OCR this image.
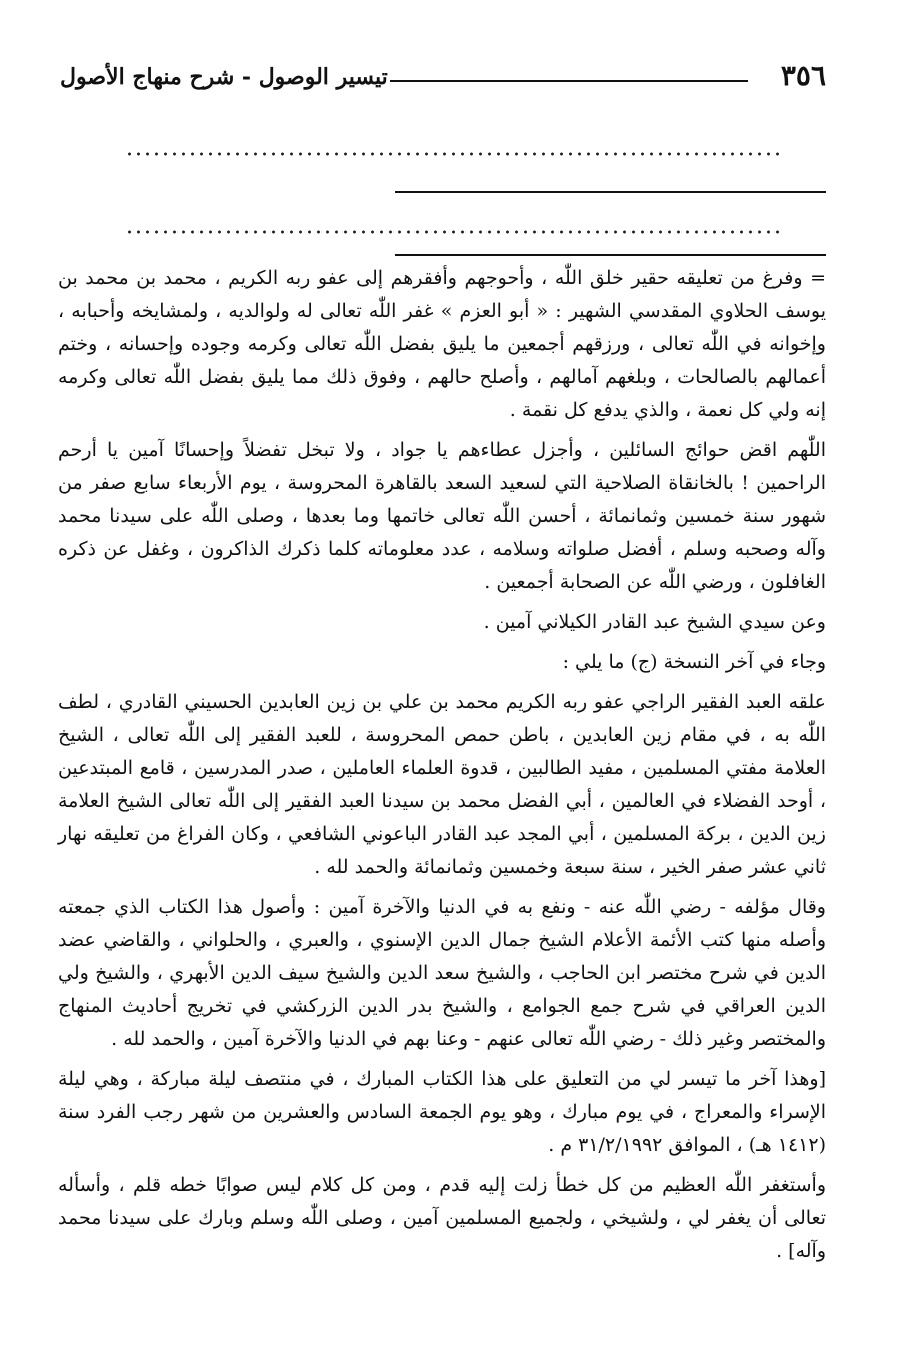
٣٥٦
تيسير الوصول - شرح منهاج الأصول

= وفرغ من تعليقه حقير خلق اللّٰه ، وأحوجهم وأفقرهم إلى عفو ربه الكريم ، محمد بن محمد بن يوسف الحلاوي المقدسي الشهير : « أبو العزم » غفر اللّٰه تعالى له ولوالديه ، ولمشايخه وأحبابه ، وإخوانه في اللّٰه تعالى ، ورزقهم أجمعين ما يليق بفضل اللّٰه تعالى وكرمه وجوده وإحسانه ، وختم أعمالهم بالصالحات ، وبلغهم آمالهم ، وأصلح حالهم ، وفوق ذلك مما يليق بفضل اللّٰه تعالى وكرمه إنه ولي كل نعمة ، والذي يدفع كل نقمة .

اللّٰهم اقض حوائج السائلين ، وأجزل عطاءهم يا جواد ، ولا تبخل تفضلاً وإحسانًا آمين يا أرحم الراحمين ! بالخانقاة الصلاحية التي لسعيد السعد بالقاهرة المحروسة ، يوم الأربعاء سابع صفر من شهور سنة خمسين وثمانمائة ، أحسن اللّٰه تعالى خاتمها وما بعدها ، وصلى اللّٰه على سيدنا محمد وآله وصحبه وسلم ، أفضل صلواته وسلامه ، عدد معلوماته كلما ذكرك الذاكرون ، وغفل عن ذكره الغافلون ، ورضي اللّٰه عن الصحابة أجمعين .

وعن سيدي الشيخ عبد القادر الكيلاني آمين .

وجاء في آخر النسخة (ج) ما يلي :

علقه العبد الفقير الراجي عفو ربه الكريم محمد بن علي بن زين العابدين الحسيني القادري ، لطف اللّٰه به ، في مقام زين العابدين ، باطن حمص المحروسة ، للعبد الفقير إلى اللّٰه تعالى ، الشيخ العلامة مفتي المسلمين ، مفيد الطالبين ، قدوة العلماء العاملين ، صدر المدرسين ، قامع المبتدعين ، أوحد الفضلاء في العالمين ، أبي الفضل محمد بن سيدنا العبد الفقير إلى اللّٰه تعالى الشيخ العلامة زين الدين ، بركة المسلمين ، أبي المجد عبد القادر الباعوني الشافعي ، وكان الفراغ من تعليقه نهار ثاني عشر صفر الخير ، سنة سبعة وخمسين وثمانمائة والحمد لله .

وقال مؤلفه - رضي اللّٰه عنه - ونفع به في الدنيا والآخرة آمين : وأصول هذا الكتاب الذي جمعته وأصله منها كتب الأئمة الأعلام الشيخ جمال الدين الإسنوي ، والعبري ، والحلواني ، والقاضي عضد الدين في شرح مختصر ابن الحاجب ، والشيخ سعد الدين والشيخ سيف الدين الأبهري ، والشيخ ولي الدين العراقي في شرح جمع الجوامع ، والشيخ بدر الدين الزركشي في تخريج أحاديث المنهاج والمختصر وغير ذلك - رضي اللّٰه تعالى عنهم - وعنا بهم في الدنيا والآخرة آمين ، والحمد لله .

[وهذا آخر ما تيسر لي من التعليق على هذا الكتاب المبارك ، في منتصف ليلة مباركة ، وهي ليلة الإسراء والمعراج ، في يوم مبارك ، وهو يوم الجمعة السادس والعشرين من شهر رجب الفرد سنة (١٤١٢ هـ) ، الموافق ٣١/٢/١٩٩٢ م .

وأستغفر اللّٰه العظيم من كل خطأ زلت إليه قدم ، ومن كل كلام ليس صوابًا خطه قلم ، وأسأله تعالى أن يغفر لي ، ولشيخي ، ولجميع المسلمين آمين ، وصلى اللّٰه وسلم وبارك على سيدنا محمد وآله] .
